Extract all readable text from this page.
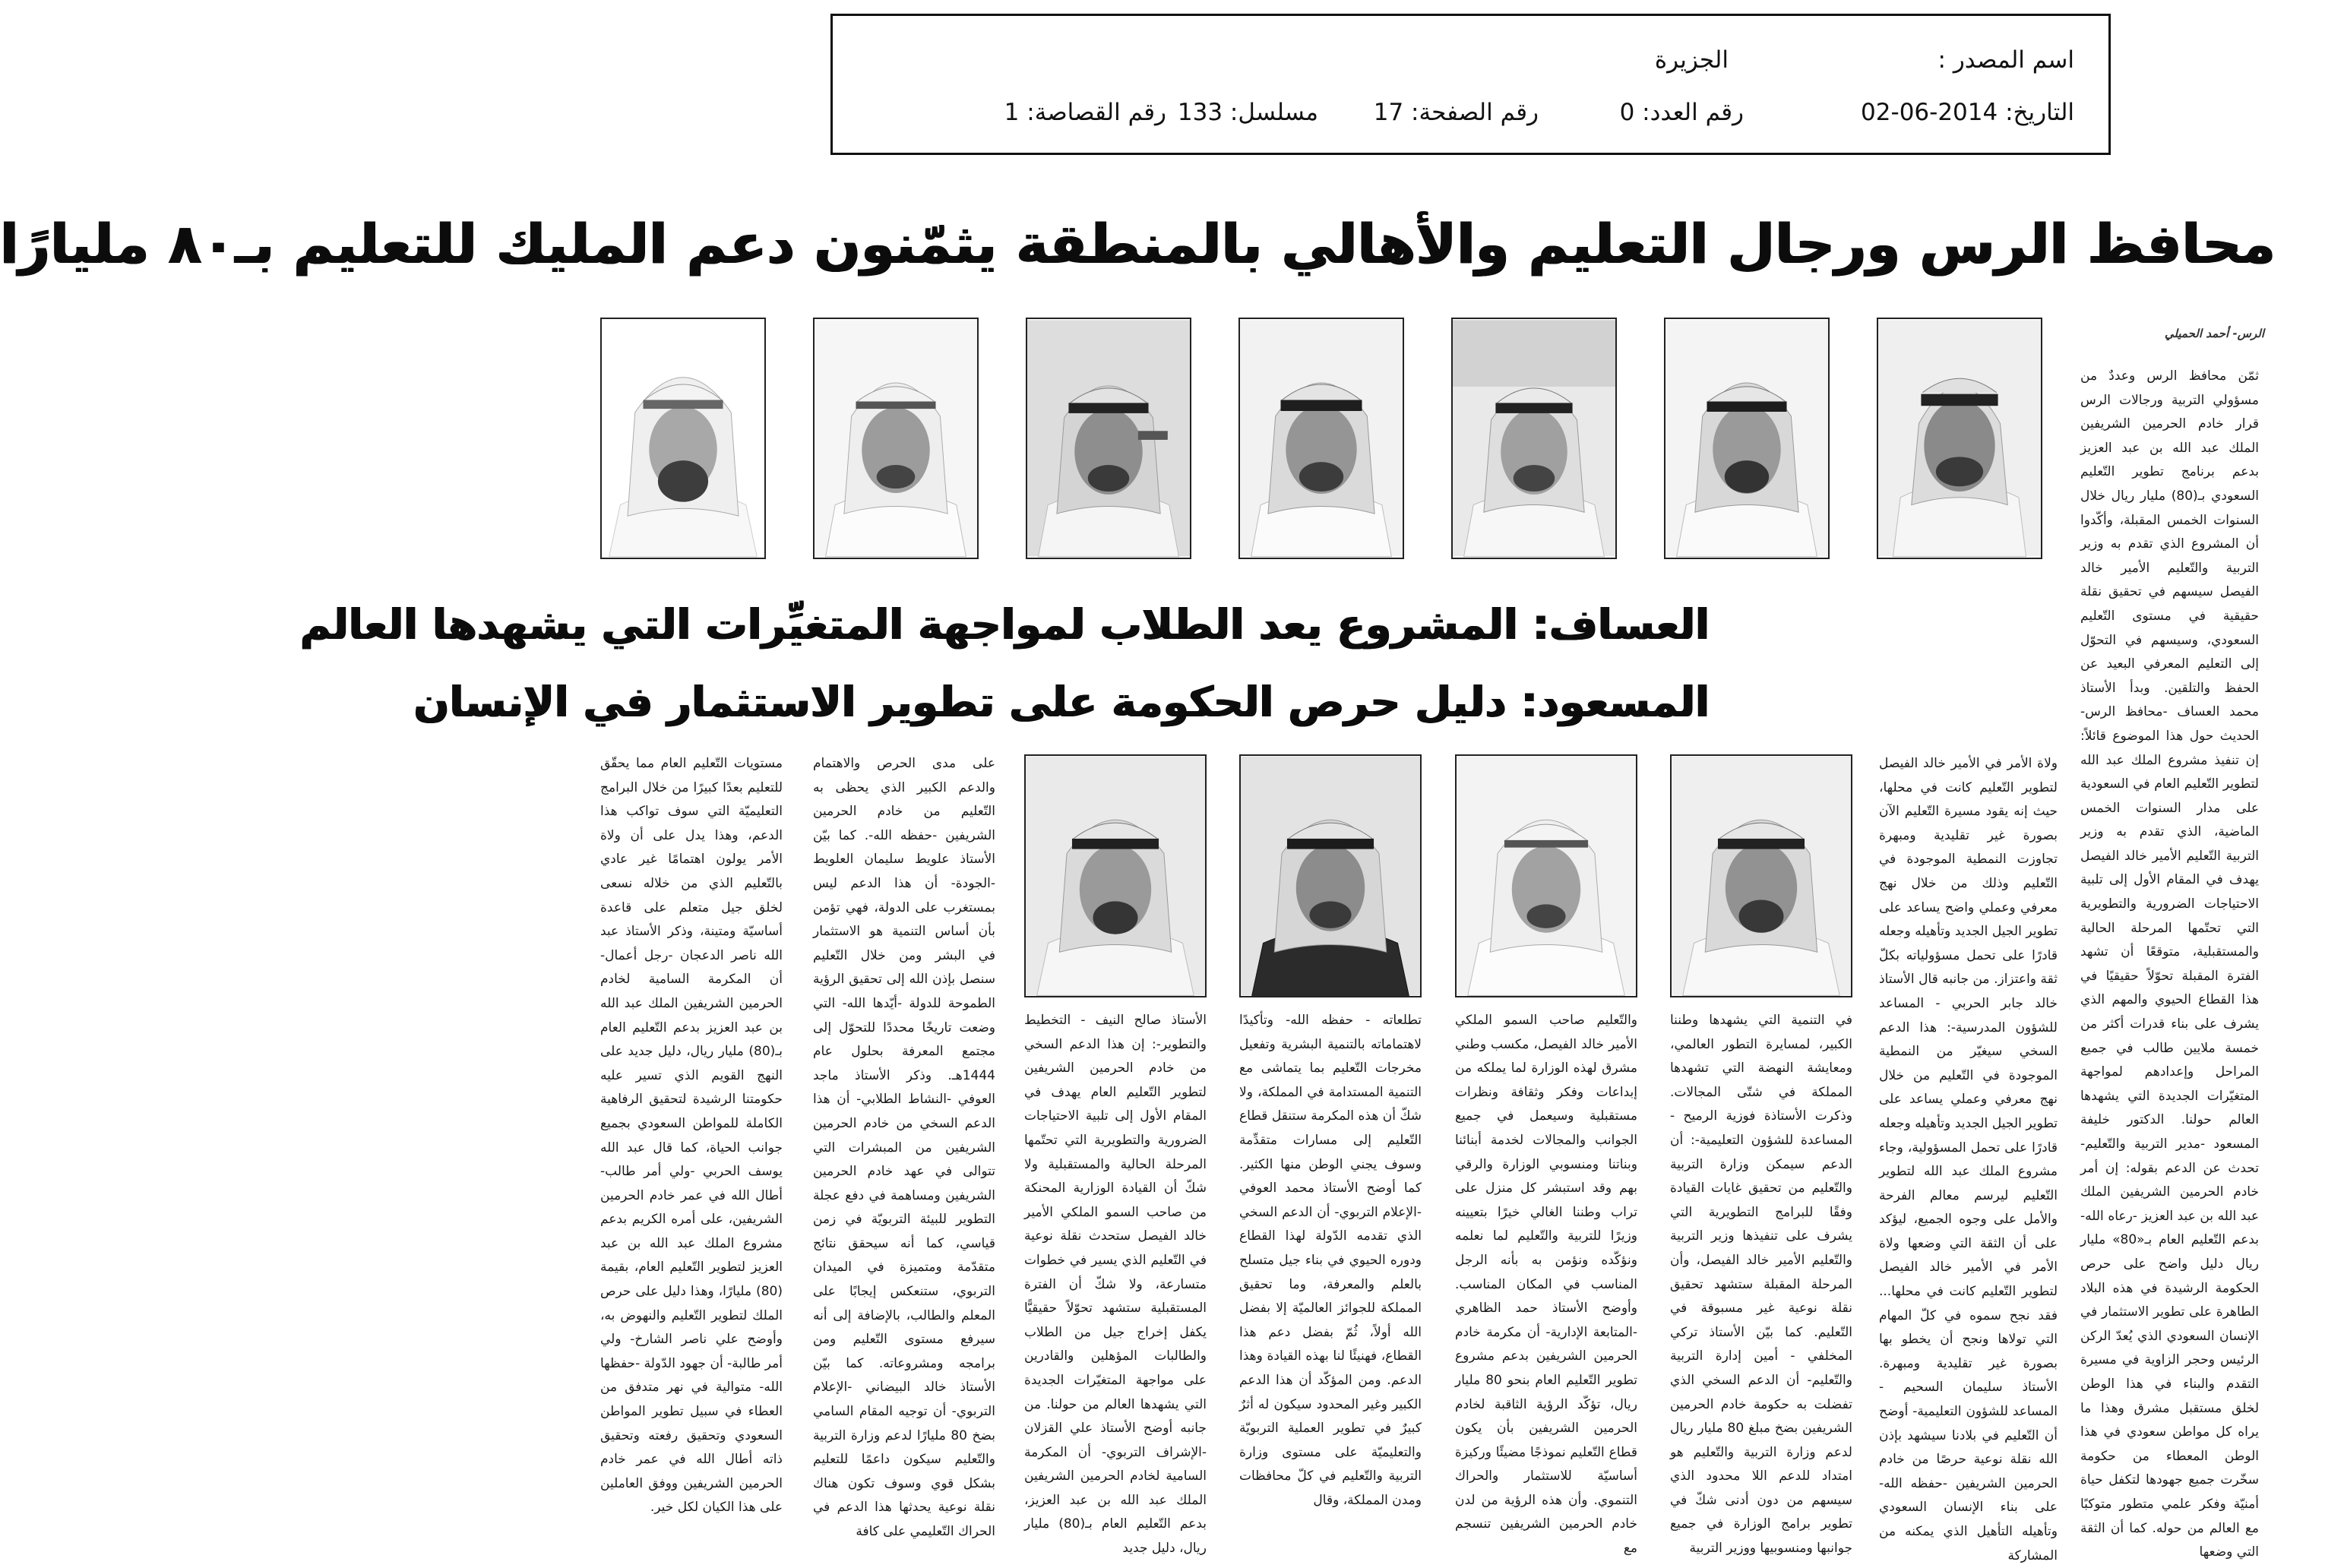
اسم المصدر :
الجزيرة
التاريخ: 2014-06-02
رقم العدد: 0
رقم الصفحة: 17
مسلسل: 133
رقم القصاصة: 1
محافظ الرس ورجال التعليم والأهالي بالمنطقة يثمّنون دعم المليك للتعليم بـ٨٠ مليارًا
الرس- أحمد الحميلي
العساف: المشروع يعد الطلاب لمواجهة المتغيِّرات التي يشهدها العالم
المسعود: دليل حرص الحكومة على تطوير الاستثمار في الإنسان
ثمّن محافظ الرس وعددٌ من مسؤولي التربية ورجالات الرس قرار خادم الحرمين الشريفين الملك عبد الله بن عبد العزيز بدعم برنامج تطوير التّعليم السعودي بـ(80) مليار ريال خلال السنوات الخمس المقبلة، وأكّدوا أن المشروع الذي تقدم به وزير التربية والتّعليم الأمير خالد الفيصل سيسهم في تحقيق نقلة حقيقية في مستوى التّعليم السعودي، وسيسهم في التحوّل إلى التعليم المعرفي البعيد عن الحفظ والتلقين. وبدأ الأستاذ محمد العساف -محافظ الرس- الحديث حول هذا الموضوع قائلاً: إن تنفيذ مشروع الملك عبد الله لتطوير التّعليم العام في السعودية على مدار السنوات الخمس الماضية، الذي تقدم به وزير التربية التّعليم الأمير خالد الفيصل يهدف في المقام الأول إلى تلبية الاحتياجات الضرورية والتطويرية التي تحتّمها المرحلة الحالية والمستقبلية، متوقعًا أن تشهد الفترة المقبلة تحوّلاً حقيقيًا في هذا القطاع الحيوي والمهم الذي يشرف على بناء قدرات أكثر من خمسة ملايين طالب في جميع المراحل وإعدادهم لمواجهة المتغيّرات الجديدة التي يشهدها العالم حولنا. الدكتور خليفة المسعود -مدير التربية والتّعليم- تحدث عن الدعم بقوله: إن أمر خادم الحرمين الشريفين الملك عبد الله بن عبد العزيز -رعاه الله- بدعم التّعليم العام بـ«80» مليار ريال دليل واضح على حرص الحكومة الرشيدة في هذه البلاد الطاهرة على تطوير الاستثمار في الإنسان السعودي الذي يُعدّ الركن الرئيس وحجر الزاوية في مسيرة التقدم والبناء في هذا الوطن لخلق مستقبل مشرق وهذا ما يراه كل مواطن سعودي في هذا الوطن المعطاء من حكومة سخّرت جميع جهودها لتكفل حياة أمنيّة وفكر علمي متطور متوكبًا مع العالم من حوله. كما أن الثقة التي وضعها
ولاة الأمر في الأمير خالد الفيصل لتطوير التّعليم كانت في محلها، حيث إنه يقود مسيرة التّعليم الآن بصورة غير تقليدية ومبهرة تجاوزت النمطية الموجودة في التّعليم وذلك من خلال نهج معرفي وعملي واضح يساعد على تطوير الجيل الجديد وتأهيله وجعله قادرًا على تحمل مسؤولياته بكلّ ثقة واعتزاز. من جانبه قال الأستاذ خالد جابر الحربي - المساعد للشؤون المدرسية-: هذا الدعم السخي سيغيّر من النمطية الموجودة في التّعليم من خلال نهج معرفي وعملي يساعد على تطوير الجيل الجديد وتأهيله وجعله قادرًا على تحمل المسؤولية، وجاء مشروع الملك عبد الله لتطوير التّعليم ليرسم معالم الفرحة والأمل على وجوه الجميع، ليؤكد على أن الثقة التي وضعها ولاة الأمر في الأمير خالد الفيصل لتطوير التّعليم كانت في محلها... فقد نجح سموه في كلّ المهام التي تولاها ونجح أن يخطو بها بصورة غير تقليدية ومبهرة. الأستاذ سليمان السحيم - المساعد للشؤون التعليمية- أوضح أن التّعليم في بلادنا سيشهد بإذن الله نقلة نوعية حرصًا من خادم الحرمين الشريفين -حفظه الله- على بناء الإنسان السعودي وتأهيله التأهيل الذي يمكنه من المشاركة
في التنمية التي يشهدها وطننا الكبير، لمسايرة التطور العالمي، ومعايشة النهضة التي تشهدها المملكة في شتّى المجالات. وذكرت الأستاذة فوزية الرميح - المساعدة للشؤون التعليمية-: أن الدعم سيمكن وزارة التربية والتّعليم من تحقيق غايات القيادة وفقًا للبرامج التطويرية التي يشرف على تنفيذها وزير التربية والتّعليم الأمير خالد الفيصل، وأن المرحلة المقبلة ستشهد تحقيق نقلة نوعية غير مسبوقة في التّعليم. كما بيّن الأستاذ تركي المخلفي - أمين إدارة التربية والتّعليم- أن الدعم السخي الذي تفضلت به حكومة خادم الحرمين الشريفين بضخ مبلغ 80 مليار ريال لدعم وزارة التربية والتّعليم هو امتداد للدعم اللا محدود الذي سيسهم من دون أدنى شكّ في تطوير برامج الوزارة في جميع جوانبها ومنسوبيها ووزير التربية
والتّعليم صاحب السمو الملكي الأمير خالد الفيصل، مكسب وطني مشرق لهذه الوزارة لما يملكه من إبداعات وفكر وثقافة ونظرات مستقبلية وسيعمل في جميع الجوانب والمجالات لخدمة أبنائنا وبناتنا ومنسوبي الوزارة والرقي بهم وقد استبشر كل منزل على تراب وطننا الغالي خيرًا بتعيينه وزيرًا للتربية والتّعليم لما نعلمه ونؤكّده ونؤمن به بأنه الرجل المناسب في المكان المناسب. وأوضح الأستاذ حمد الظاهري -المتابعة الإدارية- أن مكرمة خادم الحرمين الشريفين بدعم مشروع تطوير التّعليم العام بنحو 80 مليار ريال، تؤكّد الرؤية الثاقبة لخادم الحرمين الشريفين بأن يكون قطاع التّعليم نموذجًا مضيئًا وركيزة أساسيّة للاستثمار والحراك التنموي. وأن هذه الرؤية من لدن خادم الحرمين الشريفين تنسجم مع
تطلعاته - حفظه الله- وتأكيدًا لاهتماماته بالتنمية البشرية وتفعيل مخرجات التّعليم بما يتماشى مع التنمية المستدامة في المملكة، ولا شكّ أن هذه المكرمة ستنقل قطاع التّعليم إلى مسارات متقدِّمة وسوف يجني الوطن منها الكثير. كما أوضح الأستاذ محمد العوفي -الإعلام التربوي- أن الدعم السخي الذي تقدمه الدّولة لهذا القطاع ودوره الحيوي في بناء جيل متسلح بالعلم والمعرفة، وما تحقيق المملكة للجوائز العالميّة إلا بفضل الله أولاً، ثُمّ بفضل دعم هذا القطاع، فهنيئًا لنا بهذه القيادة وهذا الدعم. ومن المؤكّد أن هذا الدعم الكبير وغير المحدود سيكون له أثرٌ كبيرٌ في تطوير العملية التربويّة والتعليميّة على مستوى وزارة التربية والتّعليم في كلّ محافظات ومدن المملكة، وقال
الأستاذ صالح النيف - التخطيط والتطوير-: إن هذا الدعم السخي من خادم الحرمين الشريفين لتطوير التّعليم العام يهدف في المقام الأول إلى تلبية الاحتياجات الضرورية والتطويرية التي تحتّمها المرحلة الحالية والمستقبلية ولا شكّ أن القيادة الوزارية المحنكة من صاحب السمو الملكي الأمير خالد الفيصل ستحدث نقلة نوعية في التّعليم الذي يسير في خطوات متسارعة، ولا شكّ أن الفترة المستقبلية ستشهد تحوّلاً حقيقيًّا يكفل إخراج جيل من الطلاب والطالبات المؤهلين والقادرين على مواجهة المتغيّرات الجديدة التي يشهدها العالم من حولنا. من جانبه أوضح الأستاذ علي القزلان -الإشراف التربوي- أن المكرمة السامية لخادم الحرمين الشريفين الملك عبد الله بن عبد العزيز، بدعم التّعليم العام بـ(80) مليار ريال، دليل جديد
على مدى الحرص والاهتمام والدعم الكبير الذي يحظى به التّعليم من خادم الحرمين الشريفين -حفظه الله-. كما بيّن الأستاذ علويط سليمان العلويط -الجودة- أن هذا الدعم ليس بمستغرب على الدولة، فهي تؤمن بأن أساس التنمية هو الاستثمار في البشر ومن خلال التّعليم سنصل بإذن الله إلى تحقيق الرؤية الطموحة للدولة -أيّدها الله- التي وضعت تاريخًا محددًا للتحوّل إلى مجتمع المعرفة بحلول عام 1444هـ. وذكر الأستاذ ماجد العوفي -النشاط الطلابي- أن هذا الدعم السخي من خادم الحرمين الشريفين من المبشرات التي تتوالى في عهد خادم الحرمين الشريفين ومساهمة في دفع عجلة التطوير للبيئة التربويّة في زمن قياسي، كما أنه سيحقق نتائج متقدّمة ومتميزة في الميدان التربوي، ستنعكس إيجابًا على المعلم والطالب، بالإضافة إلى أنه سيرفع مستوى التّعليم ومن برامجه ومشروعاته. كما بيّن الأستاذ خالد البيضاني -الإعلام التربوي- أن توجيه المقام السامي بضخ 80 مليارًا لدعم وزارة التربية والتّعليم سيكون داعمًا للتعليم بشكل قوي وسوف تكون هناك نقلة نوعية يحدثها هذا الدعم في الحراك التّعليمي على كافة
مستويات التّعليم العام مما يحقّق للتعليم بعدًا كبيرًا من خلال البرامج التعليميّة التي سوف تواكب هذا الدعم، وهذا يدل على أن ولاة الأمر يولون اهتمامًا غير عادي بالتّعليم الذي من خلاله نسعى لخلق جيل متعلم على قاعدة أساسيّة ومتينة، وذكر الأستاذ عبد الله ناصر الدعجان -رجل أعمال- أن المكرمة السامية لخادم الحرمين الشريفين الملك عبد الله بن عبد العزيز بدعم التّعليم العام بـ(80) مليار ريال، دليل جديد على النهج القويم الذي تسير عليه حكومتنا الرشيدة لتحقيق الرفاهية الكاملة للمواطن السعودي بجميع جوانب الحياة، كما قال عبد الله يوسف الحربي -ولي أمر طالب- أطال الله في عمر خادم الحرمين الشريفين، على أمره الكريم بدعم مشروع الملك عبد الله بن عبد العزيز لتطوير التّعليم العام، بقيمة (80) مليارًا، وهذا دليل على حرص الملك لتطوير التّعليم والنهوض به، وأوضح علي ناصر الشارخ- ولي أمر طالبة- أن جهود الدّولة -حفظها الله- متوالية في نهر متدفق من العطاء في سبيل تطوير المواطن السعودي وتحقيق رفعته وتحقيق ذاته أطال الله في عمر خادم الحرمين الشريفين ووفق العاملين على هذا الكيان لكل خير.
